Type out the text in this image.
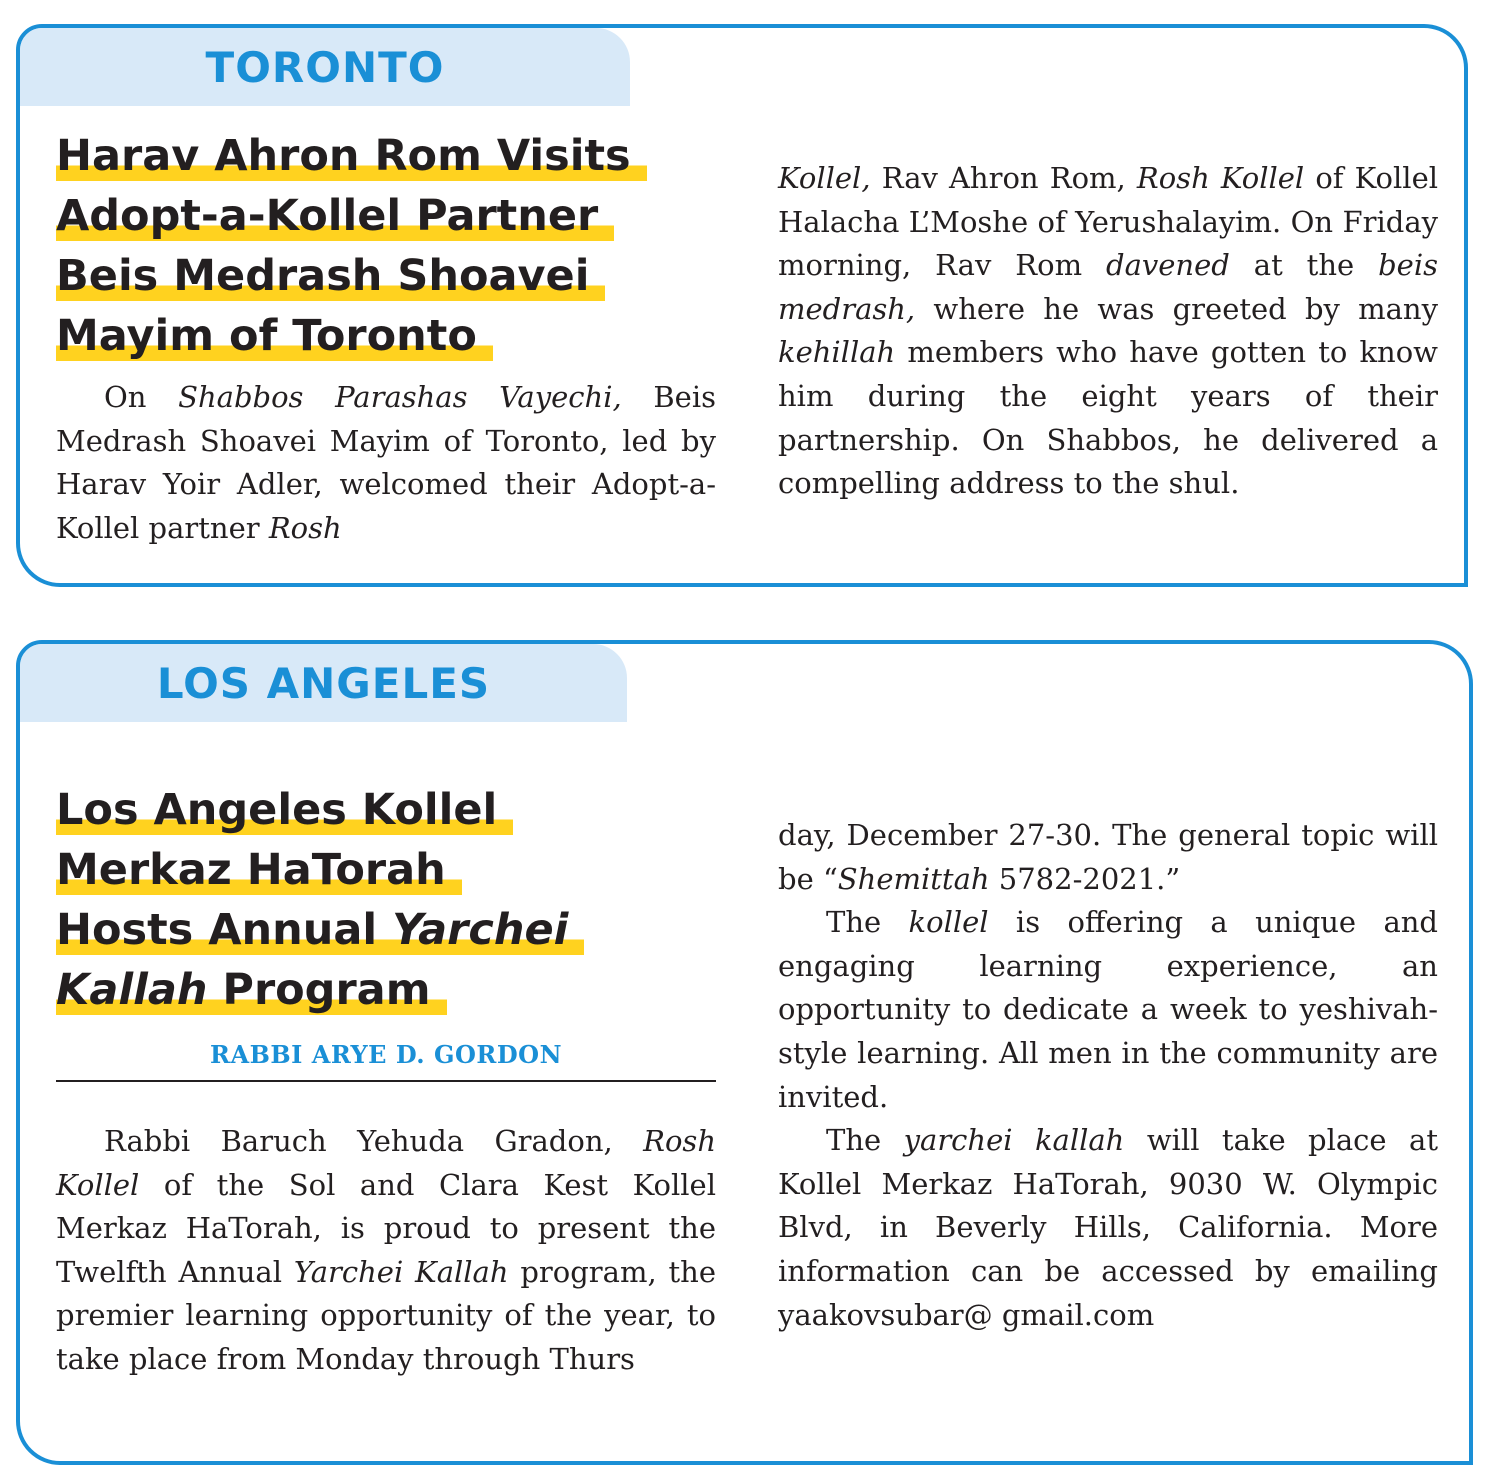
TORONTO
Harav Ahron Rom Visits
Adopt-a-Kollel Partner
Beis Medrash Shoavei
Mayim of Toronto

On Shabbos Parashas Vayechi, Beis Medrash Shoavei Mayim of Toronto, led by Harav Yoir Adler, welcomed their Adopt-a-Kollel partner Rosh

Kollel, Rav Ahron Rom, Rosh Kollel of Kollel Halacha L’Moshe of Yerushalayim. On Friday morning, Rav Rom davened at the beis medrash, where he was greeted by many kehillah members who have gotten to know him during the eight years of their partnership. On Shabbos, he delivered a compelling address to the shul.

LOS ANGELES
Los Angeles Kollel
Merkaz HaTorah
Hosts Annual Yarchei
Kallah Program
RABBI ARYE D. GORDON

Rabbi Baruch Yehuda Gradon, Rosh Kollel of the Sol and Clara Kest Kollel Merkaz HaTorah, is proud to present the Twelfth Annual Yarchei Kallah program, the premier learning opportunity of the year, to take place from Monday through Thurs

day, December 27-30. The general topic will be “Shemittah 5782-2021.”

The kollel is offering a unique and engaging learning experience, an opportunity to dedicate a week to yeshivah-style learning. All men in the community are invited.

The yarchei kallah will take place at Kollel Merkaz HaTorah, 9030 W. Olympic Blvd, in Beverly Hills, California. More information can be accessed by emailing yaakovsubar@ gmail.com
